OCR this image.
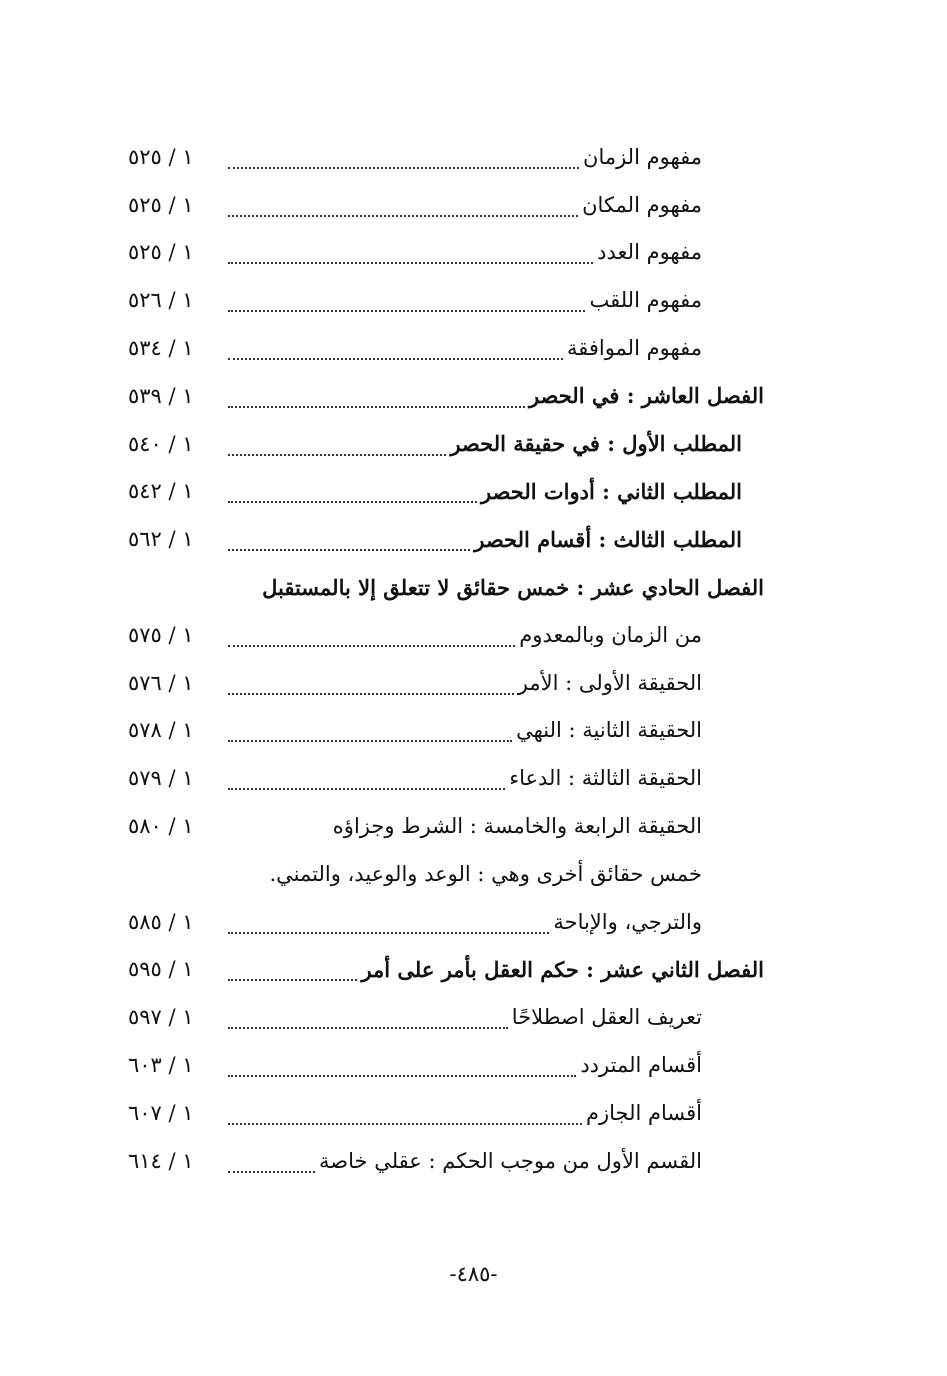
مفهوم الزمان
١ / ٥٢٥
مفهوم المكان
١ / ٥٢٥
مفهوم العدد
١ / ٥٢٥
مفهوم اللقب
١ / ٥٢٦
مفهوم الموافقة
١ / ٥٣٤
الفصل العاشر : في الحصر
١ / ٥٣٩
المطلب الأول : في حقيقة الحصر
١ / ٥٤٠
المطلب الثاني : أدوات الحصر
١ / ٥٤٢
المطلب الثالث : أقسام الحصر
١ / ٥٦٢
الفصل الحادي عشر : خمس حقائق لا تتعلق إلا بالمستقبل
من الزمان وبالمعدوم
١ / ٥٧٥
الحقيقة الأولى : الأمر
١ / ٥٧٦
الحقيقة الثانية : النهي
١ / ٥٧٨
الحقيقة الثالثة : الدعاء
١ / ٥٧٩
الحقيقة الرابعة والخامسة : الشرط وجزاؤه
١ / ٥٨٠
خمس حقائق أخرى وهي : الوعد والوعيد، والتمني.
والترجي، والإباحة
١ / ٥٨٥
الفصل الثاني عشر : حكم العقل بأمر على أمر
١ / ٥٩٥
تعريف العقل اصطلاحًا
١ / ٥٩٧
أقسام المتردد
١ / ٦٠٣
أقسام الجازم
١ / ٦٠٧
القسم الأول من موجب الحكم : عقلي خاصة
١ / ٦١٤
-٤٨٥-
